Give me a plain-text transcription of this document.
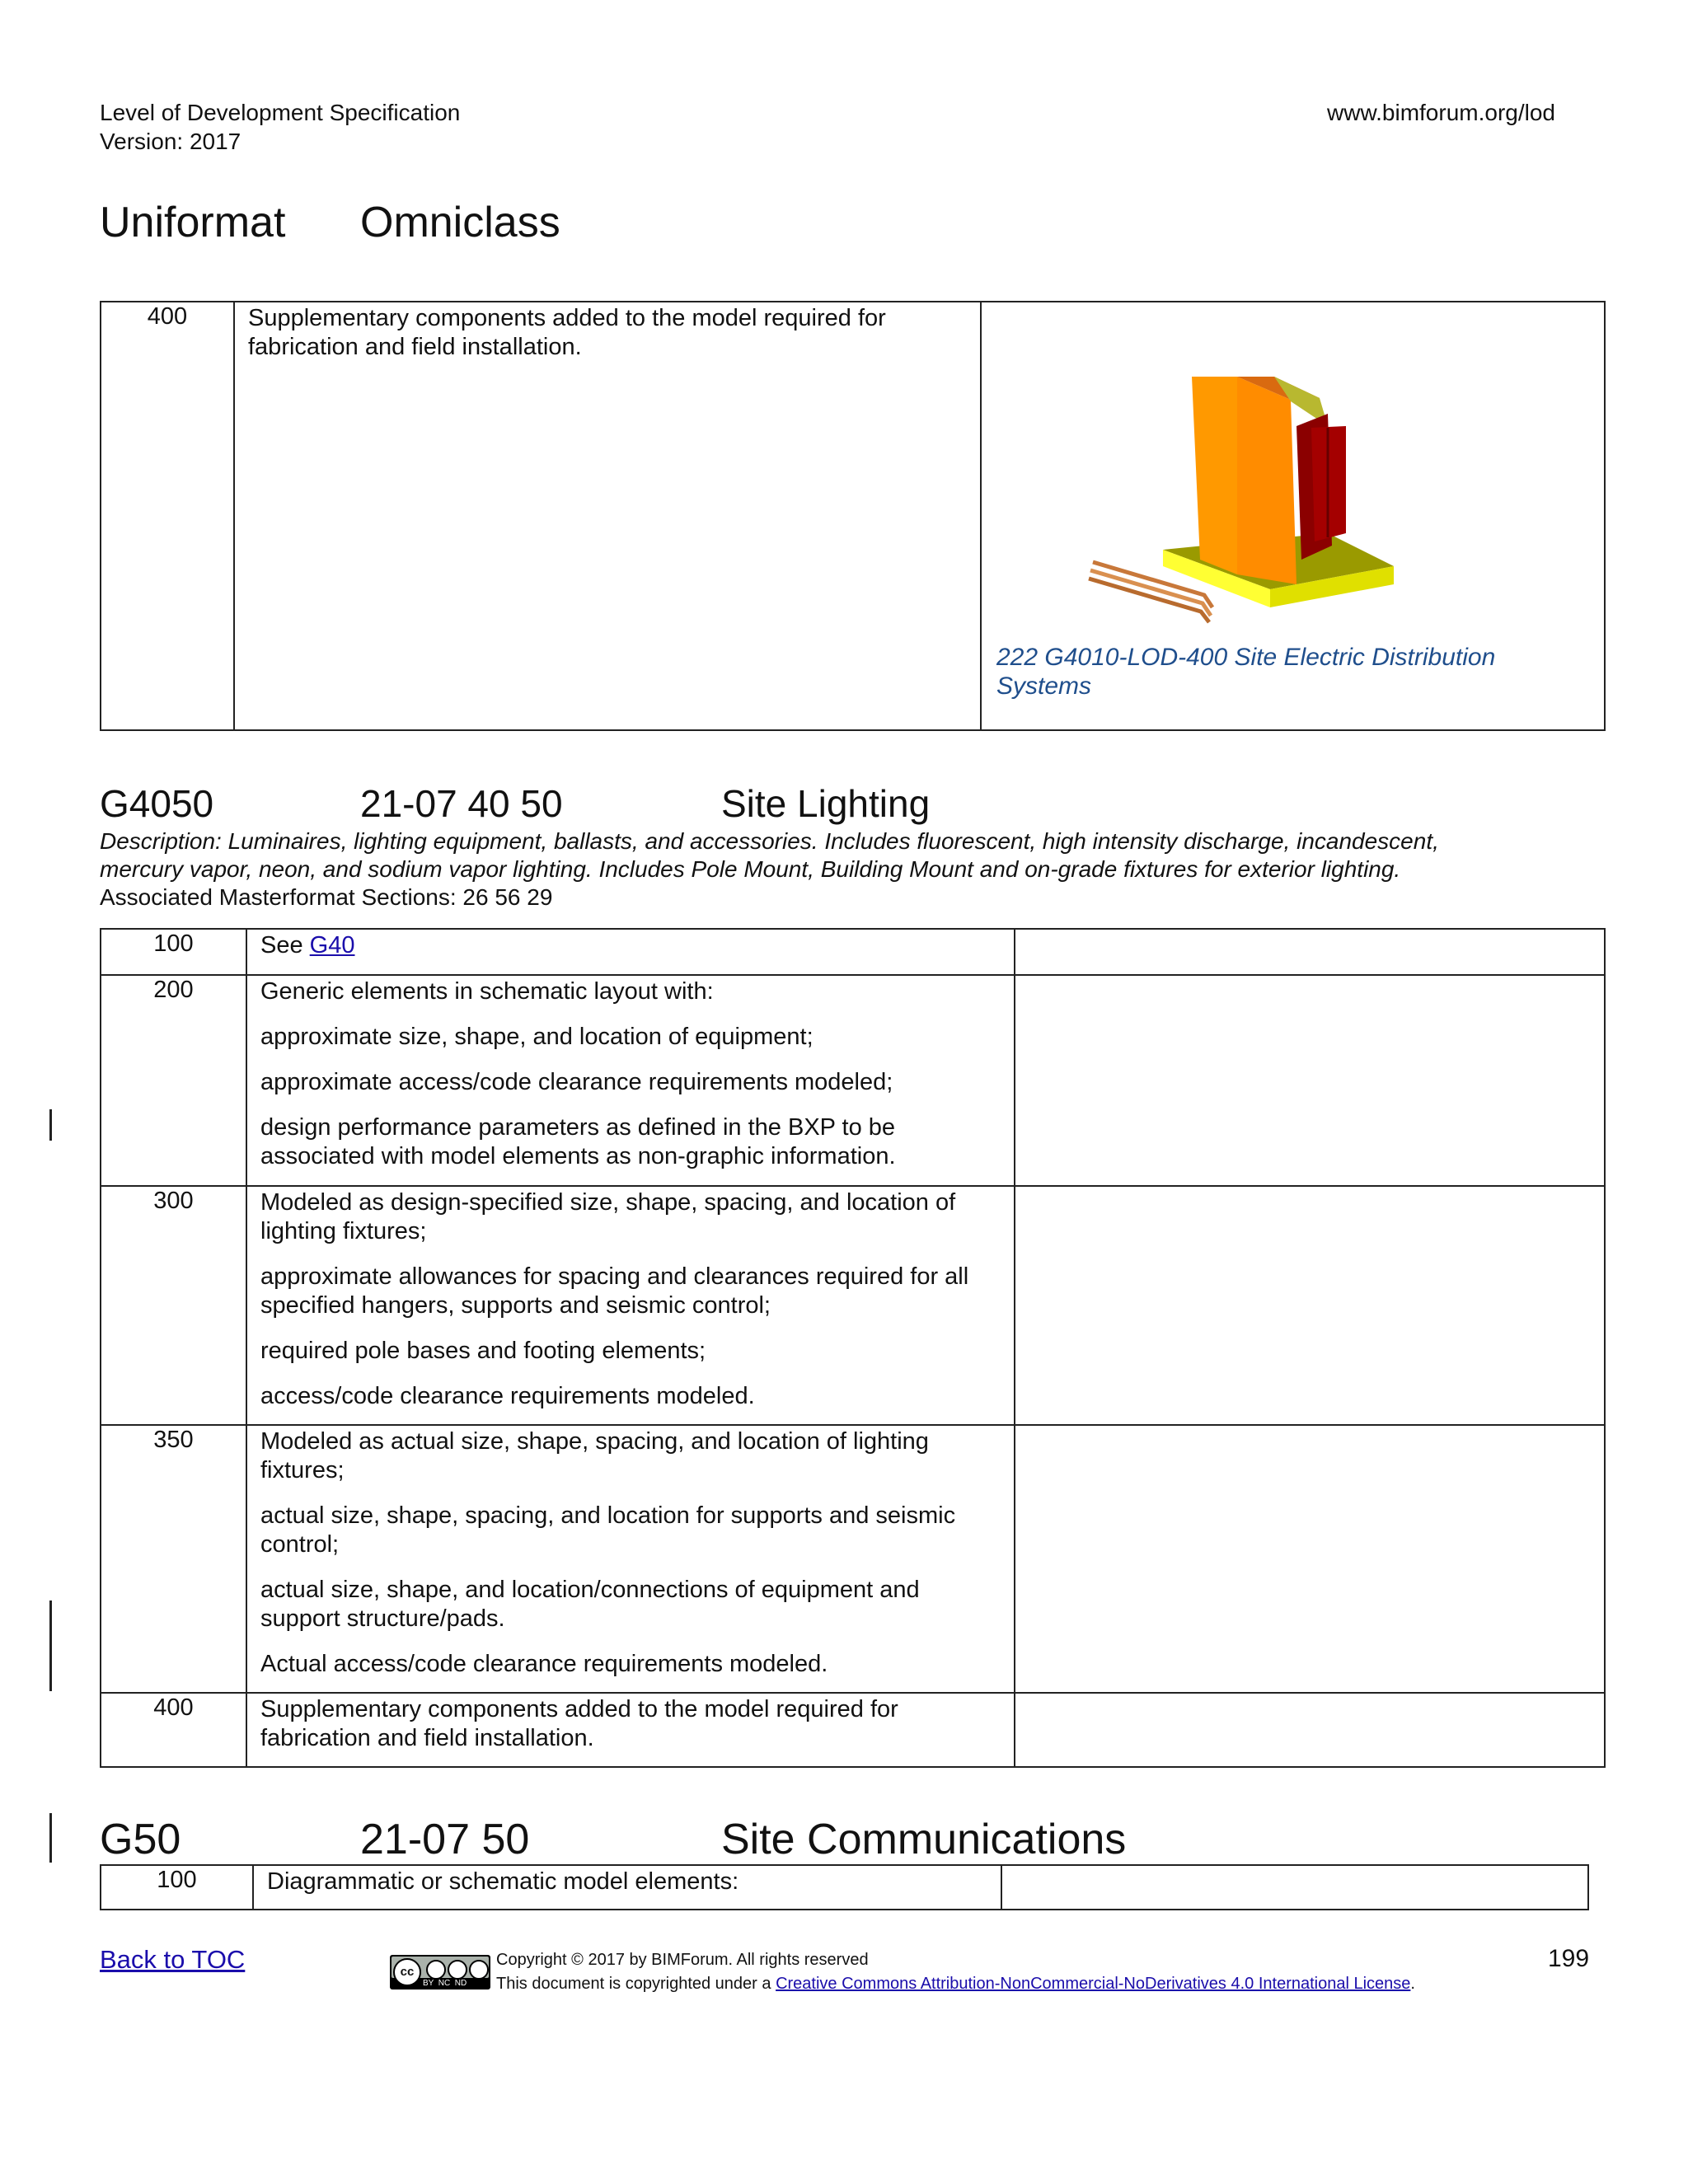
Level of Development Specification
Version: 2017
www.bimforum.org/lod
Uniformat Omniclass
400	Supplementary components added to the model required for fabrication and field installation.

222 G4010-LOD-400 Site Electric Distribution
Systems
G4050	21-07 40 50	Site Lighting
Description: Luminaires, lighting equipment, ballasts, and accessories. Includes fluorescent, high intensity discharge, incandescent,
mercury vapor, neon, and sodium vapor lighting. Includes Pole Mount, Building Mount and on-grade fixtures for exterior lighting.
Associated Masterformat Sections: 26 56 29
100	See G40	

200	Generic elements in schematic layout with:

approximate size, shape, and location of equipment;

approximate access/code clearance requirements modeled;

design performance parameters as defined in the BXP to be associated with model elements as non-graphic information.	

300	Modeled as design-specified size, shape, spacing, and location of lighting fixtures;

approximate allowances for spacing and clearances required for all specified hangers, supports and seismic control;

required pole bases and footing elements;

access/code clearance requirements modeled.	

350	Modeled as actual size, shape, spacing, and location of lighting fixtures;

actual size, shape, spacing, and location for supports and seismic control;

actual size, shape, and location/connections of equipment and support structure/pads.

Actual access/code clearance requirements modeled.	

400	Supplementary components added to the model required for fabrication and field installation.	

G50	21-07 50	Site Communications
100	Diagrammatic or schematic model elements:

Back to TOC	cc
BY  NC  ND
Copyright © 2017 by BIMForum. All rights reserved
This document is copyrighted under a Creative Commons Attribution-NonCommercial-NoDerivatives 4.0 International License.
199
